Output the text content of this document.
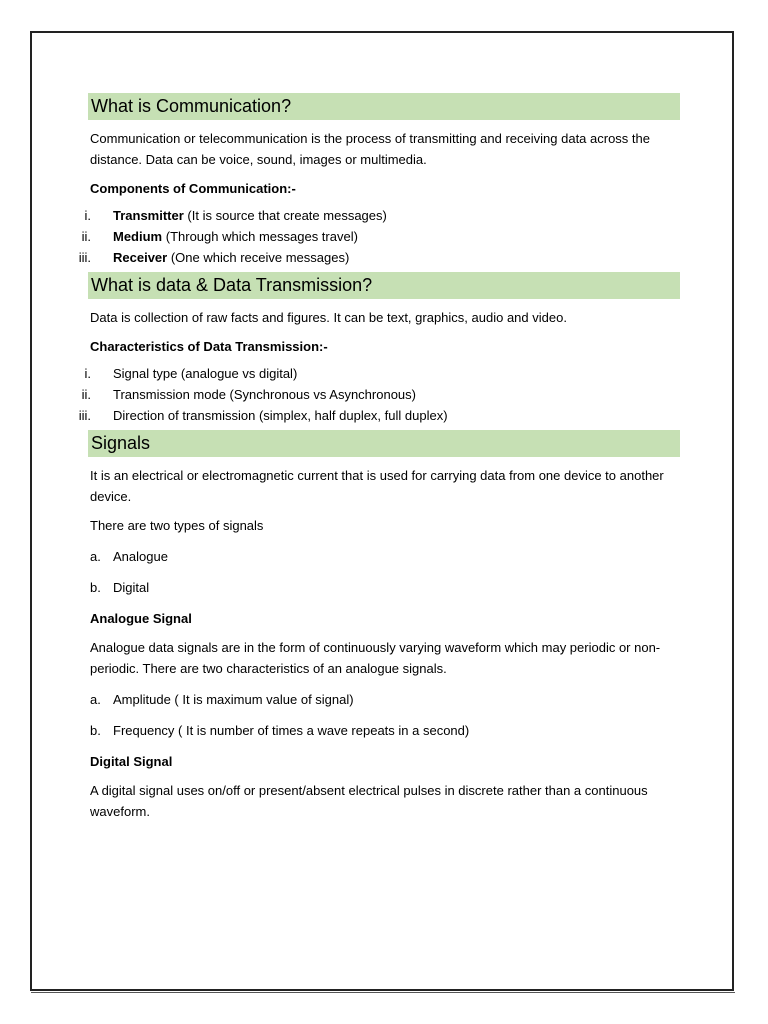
What is Communication?

Communication or telecommunication is the process of transmitting and receiving data across the distance. Data can be voice, sound, images or multimedia.

Components of Communication:-

i. Transmitter (It is source that create messages)
ii. Medium (Through which messages travel)
iii. Receiver (One which receive messages)
What is data & Data Transmission?

Data is collection of raw facts and figures. It can be text, graphics, audio and video.

Characteristics of Data Transmission:-

i. Signal type (analogue vs digital)
ii. Transmission mode (Synchronous vs Asynchronous)
iii. Direction of transmission (simplex, half duplex, full duplex)
Signals

It is an electrical or electromagnetic current that is used for carrying data from one device to another device.

There are two types of signals

a. Analogue
b. Digital

Analogue Signal

Analogue data signals are in the form of continuously varying waveform which may periodic or non-periodic. There are two characteristics of an analogue signals.

a. Amplitude ( It is maximum value of signal)
b. Frequency ( It is number of times a wave repeats in a second)

Digital Signal

A digital signal uses on/off or present/absent electrical pulses in discrete rather than a continuous waveform.
